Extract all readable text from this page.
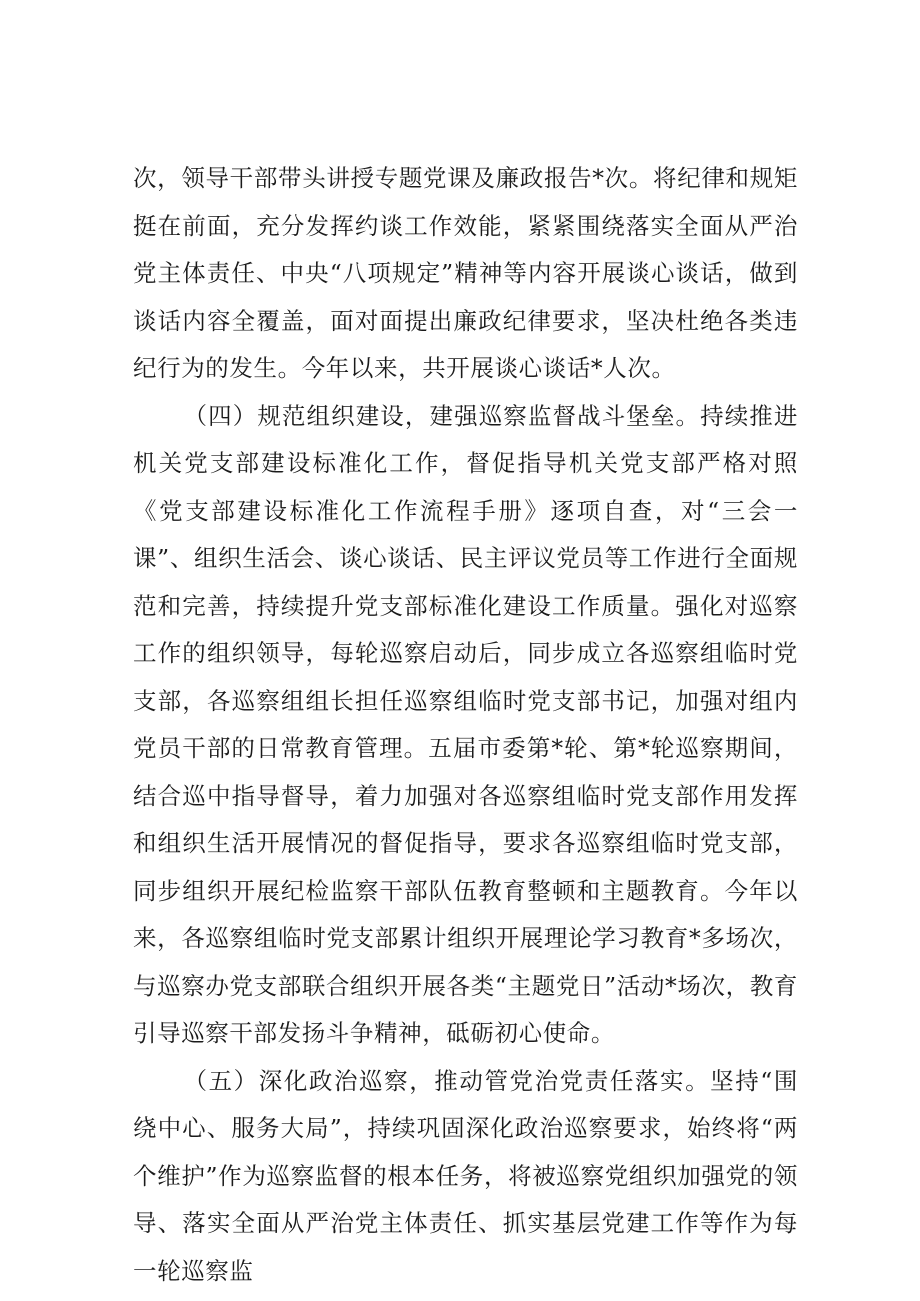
次，领导干部带头讲授专题党课及廉政报告*次。将纪律和规矩挺在前面，充分发挥约谈工作效能，紧紧围绕落实全面从严治党主体责任、中央“八项规定”精神等内容开展谈心谈话，做到谈话内容全覆盖，面对面提出廉政纪律要求，坚决杜绝各类违纪行为的发生。今年以来，共开展谈心谈话*人次。

（四）规范组织建设，建强巡察监督战斗堡垒。持续推进机关党支部建设标准化工作，督促指导机关党支部严格对照《党支部建设标准化工作流程手册》逐项自查，对“三会一课”、组织生活会、谈心谈话、民主评议党员等工作进行全面规范和完善，持续提升党支部标准化建设工作质量。强化对巡察工作的组织领导，每轮巡察启动后，同步成立各巡察组临时党支部，各巡察组组长担任巡察组临时党支部书记，加强对组内党员干部的日常教育管理。五届市委第*轮、第*轮巡察期间，结合巡中指导督导，着力加强对各巡察组临时党支部作用发挥和组织生活开展情况的督促指导，要求各巡察组临时党支部，同步组织开展纪检监察干部队伍教育整顿和主题教育。今年以来，各巡察组临时党支部累计组织开展理论学习教育*多场次，与巡察办党支部联合组织开展各类“主题党日”活动*场次，教育引导巡察干部发扬斗争精神，砥砺初心使命。

（五）深化政治巡察，推动管党治党责任落实。坚持“围绕中心、服务大局”，持续巩固深化政治巡察要求，始终将“两个维护”作为巡察监督的根本任务，将被巡察党组织加强党的领导、落实全面从严治党主体责任、抓实基层党建工作等作为每一轮巡察监
